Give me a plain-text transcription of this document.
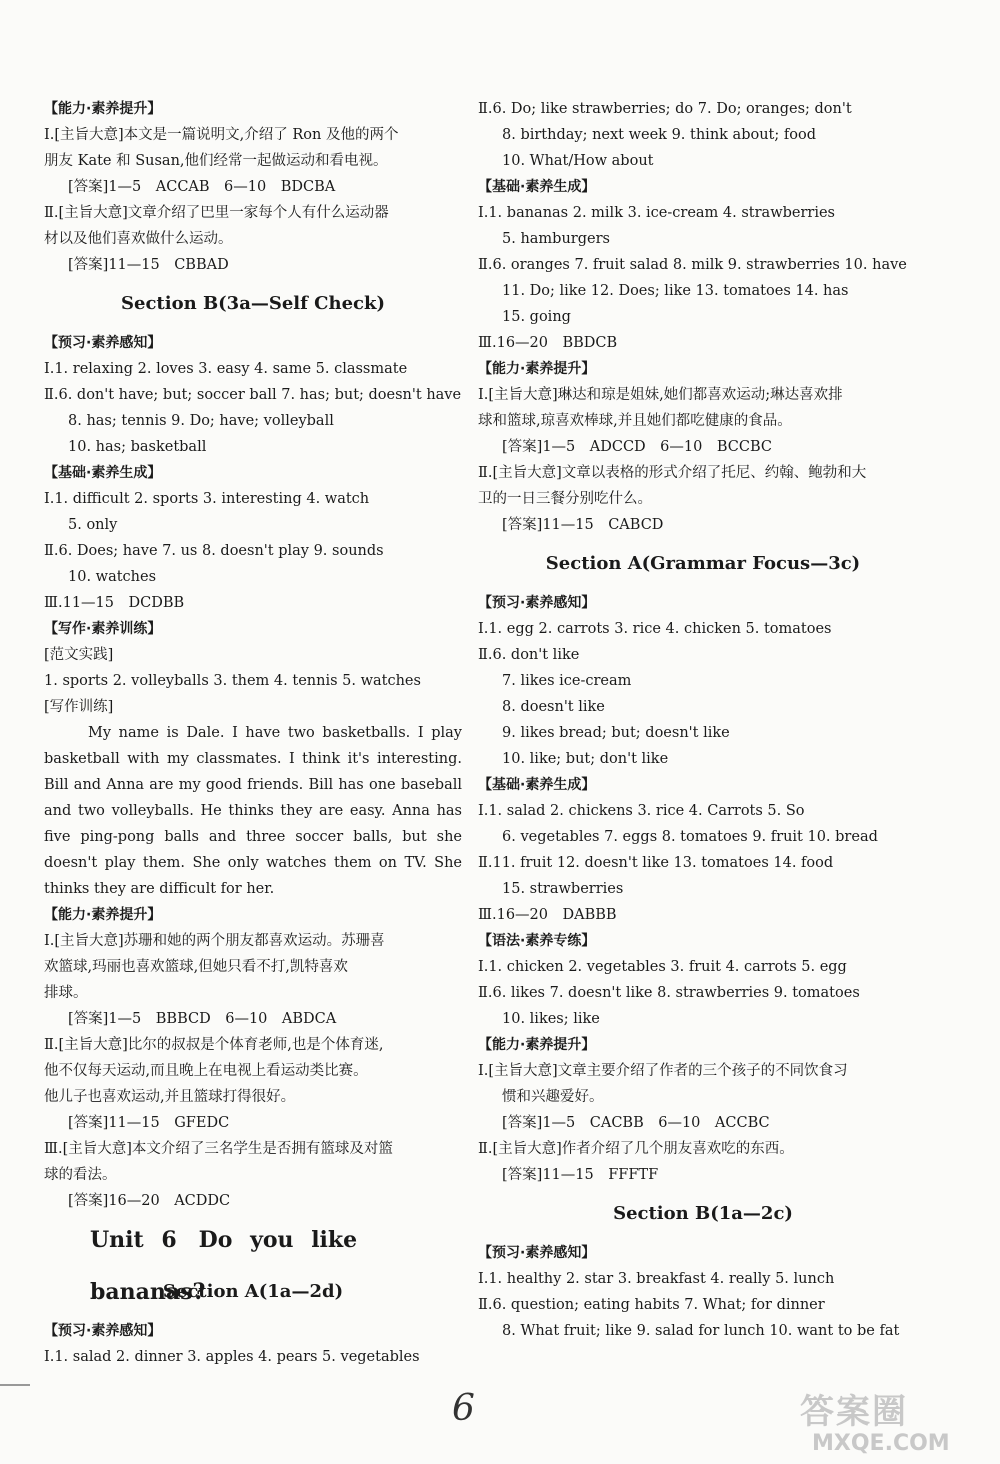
【能力·素养提升】
Ⅰ.[主旨大意]本文是一篇说明文,介绍了 Ron 及他的两个
朋友 Kate 和 Susan,他们经常一起做运动和看电视。
[答案]1—5　ACCAB　6—10　BDCBA
Ⅱ.[主旨大意]文章介绍了巴里一家每个人有什么运动器
材以及他们喜欢做什么运动。
[答案]11—15　CBBAD
Section B(3a—Self Check)
【预习·素养感知】
Ⅰ.1. relaxing 2. loves 3. easy 4. same 5. classmate
Ⅱ.6. don't have; but; soccer ball 7. has; but; doesn't have
8. has; tennis 9. Do; have; volleyball
10. has; basketball
【基础·素养生成】
Ⅰ.1. difficult 2. sports 3. interesting 4. watch
5. only
Ⅱ.6. Does; have 7. us 8. doesn't play 9. sounds
10. watches
Ⅲ.11—15　DCDBB
【写作·素养训练】
[范文实践]
1. sports 2. volleyballs 3. them 4. tennis 5. watches
[写作训练]

My name is Dale. I have two basketballs. I play basketball with my classmates. I think it's interesting. Bill and Anna are my good friends. Bill has one baseball and two volleyballs. He thinks they are easy. Anna has five ping-pong balls and three soccer balls, but she doesn't play them. She only watches them on TV. She thinks they are difficult for her.

【能力·素养提升】
Ⅰ.[主旨大意]苏珊和她的两个朋友都喜欢运动。苏珊喜
欢篮球,玛丽也喜欢篮球,但她只看不打,凯特喜欢
排球。
[答案]1—5　BBBCD　6—10　ABDCA
Ⅱ.[主旨大意]比尔的叔叔是个体育老师,也是个体育迷,
他不仅每天运动,而且晚上在电视上看运动类比赛。
他儿子也喜欢运动,并且篮球打得很好。
[答案]11—15　GFEDC
Ⅲ.[主旨大意]本文介绍了三名学生是否拥有篮球及对篮
球的看法。
[答案]16—20　ACDDC
Unit 6　Do you like bananas?
Section A(1a—2d)
【预习·素养感知】
Ⅰ.1. salad 2. dinner 3. apples 4. pears 5. vegetables
Ⅱ.6. Do; like strawberries; do 7. Do; oranges; don't
8. birthday; next week 9. think about; food
10. What/How about
【基础·素养生成】
Ⅰ.1. bananas 2. milk 3. ice-cream 4. strawberries
5. hamburgers
Ⅱ.6. oranges 7. fruit salad 8. milk 9. strawberries 10. have
11. Do; like 12. Does; like 13. tomatoes 14. has
15. going
Ⅲ.16—20　BBDCB
【能力·素养提升】
Ⅰ.[主旨大意]琳达和琼是姐妹,她们都喜欢运动;琳达喜欢排
球和篮球,琼喜欢棒球,并且她们都吃健康的食品。
[答案]1—5　ADCCD　6—10　BCCBC
Ⅱ.[主旨大意]文章以表格的形式介绍了托尼、约翰、鲍勃和大
卫的一日三餐分别吃什么。
[答案]11—15　CABCD
Section A(Grammar Focus—3c)
【预习·素养感知】
Ⅰ.1. egg 2. carrots 3. rice 4. chicken 5. tomatoes
Ⅱ.6. don't like
7. likes ice-cream
8. doesn't like
9. likes bread; but; doesn't like
10. like; but; don't like
【基础·素养生成】
Ⅰ.1. salad 2. chickens 3. rice 4. Carrots 5. So
6. vegetables 7. eggs 8. tomatoes 9. fruit 10. bread
Ⅱ.11. fruit 12. doesn't like 13. tomatoes 14. food
15. strawberries
Ⅲ.16—20　DABBB
【语法·素养专练】
Ⅰ.1. chicken 2. vegetables 3. fruit 4. carrots 5. egg
Ⅱ.6. likes 7. doesn't like 8. strawberries 9. tomatoes
10. likes; like
【能力·素养提升】
Ⅰ.[主旨大意]文章主要介绍了作者的三个孩子的不同饮食习
惯和兴趣爱好。
[答案]1—5　CACBB　6—10　ACCBC
Ⅱ.[主旨大意]作者介绍了几个朋友喜欢吃的东西。
[答案]11—15　FFFTF
Section B(1a—2c)
【预习·素养感知】
Ⅰ.1. healthy 2. star 3. breakfast 4. really 5. lunch
Ⅱ.6. question; eating habits 7. What; for dinner
8. What fruit; like 9. salad for lunch 10. want to be fat
6	答案圈
MXQE.COM
